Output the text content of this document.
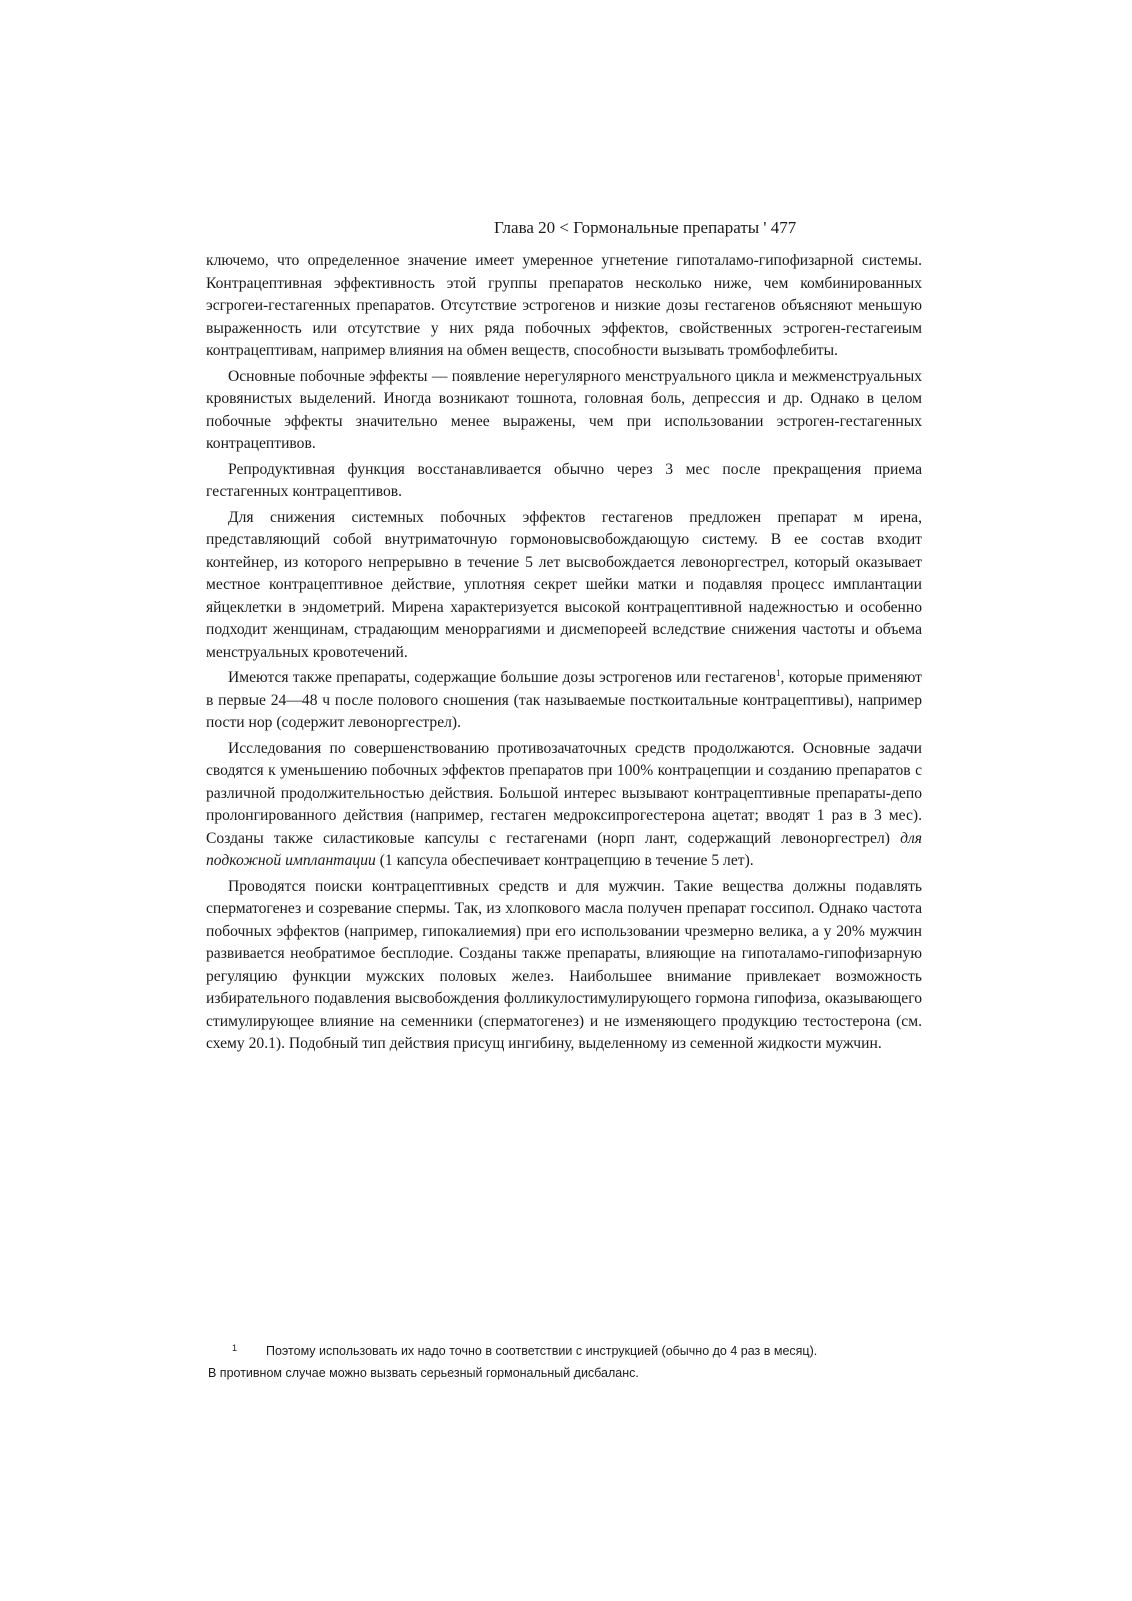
Глава 20 < Гормональные препараты ' 477

ключемо, что определенное значение имеет умеренное угнетение гипоталамо-гипофизарной системы. Контрацептивная эффективность этой группы препаратов несколько ниже, чем комбинированных эсгрогеи-гестагенных препаратов. Отсутствие эстрогенов и низкие дозы гестагенов объясняют меньшую выраженность или отсутствие у них ряда побочных эффектов, свойственных эстроген-гестагеиым контрацептивам, например влияния на обмен веществ, способности вызывать тромбофлебиты.

Основные побочные эффекты — появление нерегулярного менструального цикла и межменструальных кровянистых выделений. Иногда возникают тошнота, головная боль, депрессия и др. Однако в целом побочные эффекты значительно менее выражены, чем при использовании эстроген-гестагенных контрацептивов.

Репродуктивная функция восстанавливается обычно через 3 мес после прекращения приема гестагенных контрацептивов.

Для снижения системных побочных эффектов гестагенов предложен препарат м ирена, представляющий собой внутриматочную гормоновысвобождающую систему. В ее состав входит контейнер, из которого непрерывно в течение 5 лет высвобождается левоноргестрел, который оказывает местное контрацептивное действие, уплотняя секрет шейки матки и подавляя процесс имплантации яйцеклетки в эндометрий. Мирена характеризуется высокой контрацептивной надежностью и особенно подходит женщинам, страдающим меноррагиями и дисмепореей вследствие снижения частоты и объема менструальных кровотечений.

Имеются также препараты, содержащие большие дозы эстрогенов или гестагенов$^1$, которые применяют в первые 24—48 ч после полового сношения (так называемые посткоитальные контрацептивы), например пости нор (содержит левоноргестрел).

Исследования по совершенствованию противозачаточных средств продолжаются. Основные задачи сводятся к уменьшению побочных эффектов препаратов при 100% контрацепции и созданию препаратов с различной продолжительностью действия. Большой интерес вызывают контрацептивные препараты-депо пролонгированного действия (например, гестаген медроксипрогестерона ацетат; вводят 1 раз в 3 мес). Созданы также силастиковые капсулы с гестагенами (норп лант, содержащий левоноргестрел) для подкожной имплантации (1 капсула обеспечивает контрацепцию в течение 5 лет).

Проводятся поиски контрацептивных средств и для мужчин. Такие вещества должны подавлять сперматогенез и созревание спермы. Так, из хлопкового масла получен препарат госсипол. Однако частота побочных эффектов (например, гипокалиемия) при его использовании чрезмерно велика, а у 20% мужчин развивается необратимое бесплодие. Созданы также препараты, влияющие на гипоталамо-гипофизарную регуляцию функции мужских половых желез. Наибольшее внимание привлекает возможность избирательного подавления высвобождения фолликулостимулирующего гормона гипофиза, оказывающего стимулирующее влияние на семенники (сперматогенез) и не изменяющего продукцию тестостерона (см. схему 20.1). Подобный тип действия присущ ингибину, выделенному из семенной жидкости мужчин.

1 Поэтому использовать их надо точно в соответствии с инструкцией (обычно до 4 раз в месяц).
В противном случае можно вызвать серьезный гормональный дисбаланс.
